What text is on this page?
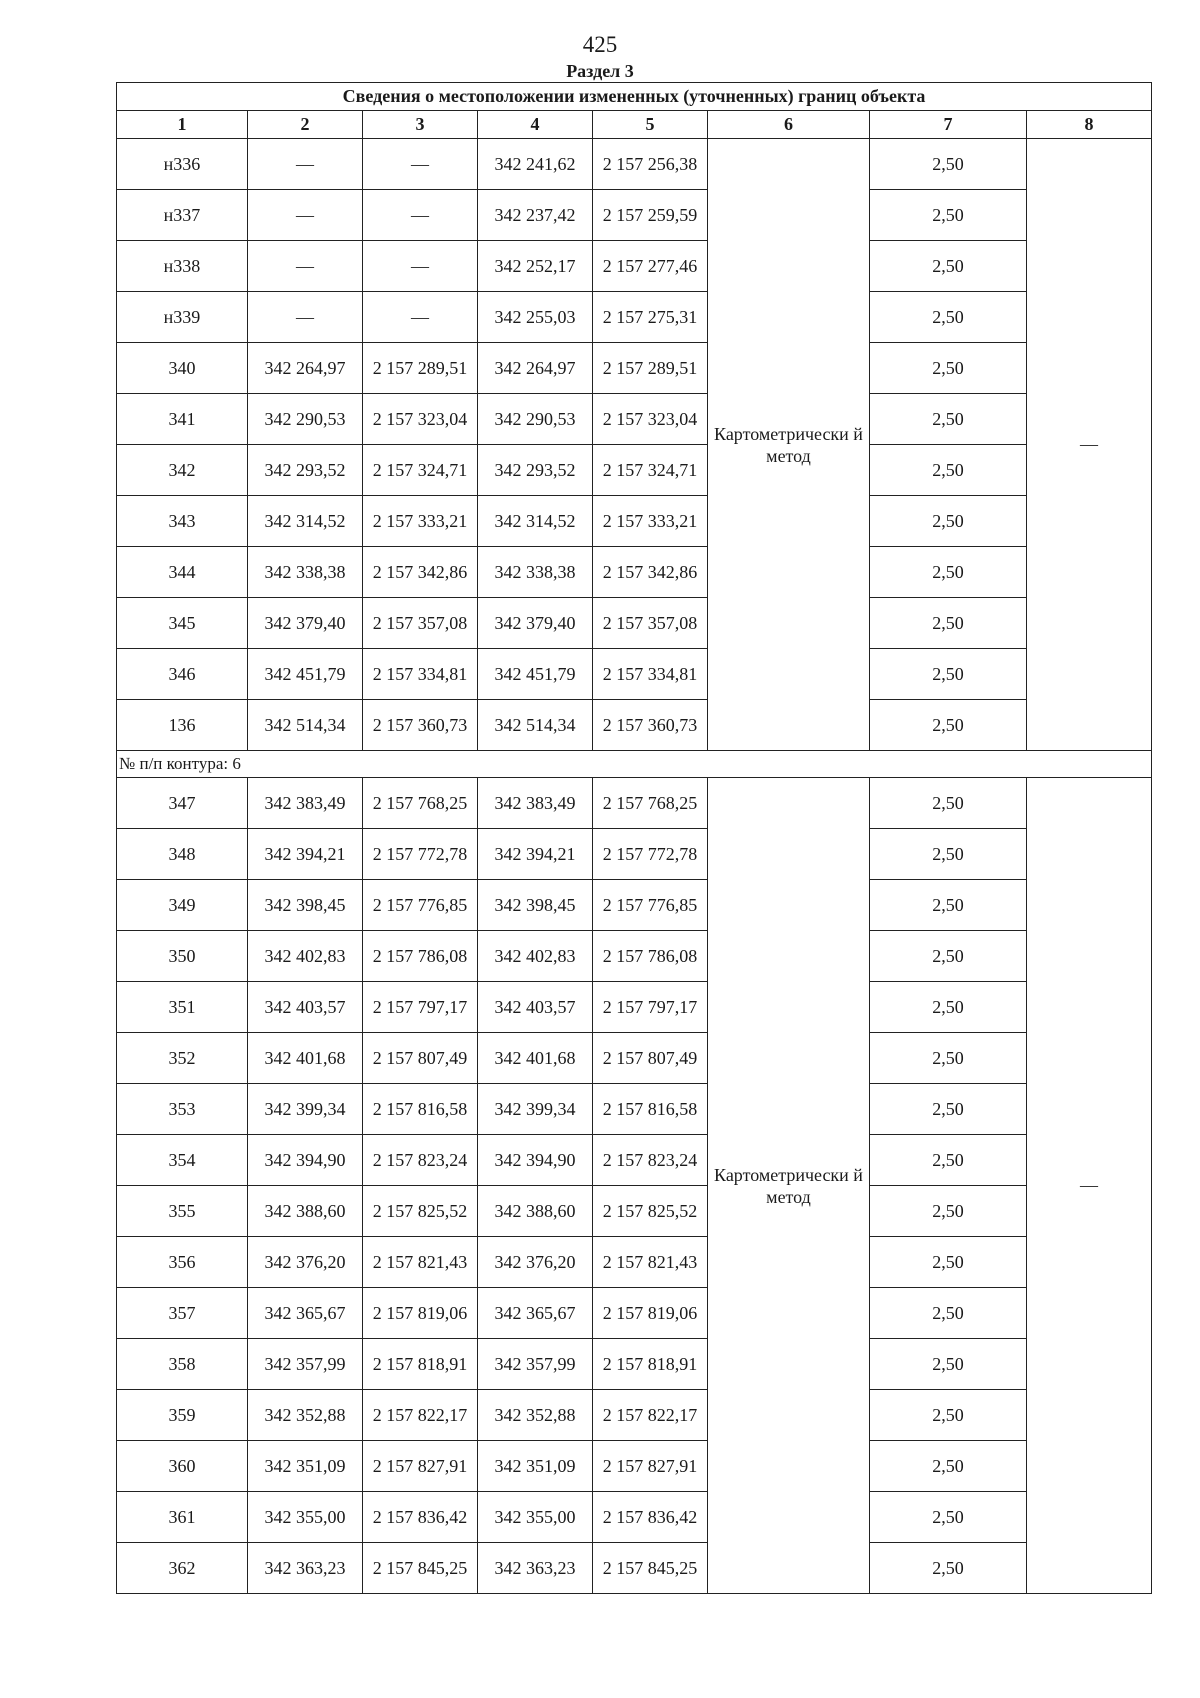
425
Раздел 3
Сведения о местоположении измененных (уточненных) границ объекта							
1	2	3	4	5	6	7	8
н336	—	—	342 241,62	2 157 256,38	Картометрически й метод	2,50	—
н337	—	—	342 237,42	2 157 259,59		2,50	
н338	—	—	342 252,17	2 157 277,46		2,50	
н339	—	—	342 255,03	2 157 275,31		2,50	
340	342 264,97	2 157 289,51	342 264,97	2 157 289,51		2,50	
341	342 290,53	2 157 323,04	342 290,53	2 157 323,04		2,50	
342	342 293,52	2 157 324,71	342 293,52	2 157 324,71		2,50	
343	342 314,52	2 157 333,21	342 314,52	2 157 333,21		2,50	
344	342 338,38	2 157 342,86	342 338,38	2 157 342,86		2,50	
345	342 379,40	2 157 357,08	342 379,40	2 157 357,08		2,50	
346	342 451,79	2 157 334,81	342 451,79	2 157 334,81		2,50	
136	342 514,34	2 157 360,73	342 514,34	2 157 360,73		2,50	
№ п/п контура: 6							
347	342 383,49	2 157 768,25	342 383,49	2 157 768,25	Картометрически й метод	2,50	—
348	342 394,21	2 157 772,78	342 394,21	2 157 772,78		2,50	
349	342 398,45	2 157 776,85	342 398,45	2 157 776,85		2,50	
350	342 402,83	2 157 786,08	342 402,83	2 157 786,08		2,50	
351	342 403,57	2 157 797,17	342 403,57	2 157 797,17		2,50	
352	342 401,68	2 157 807,49	342 401,68	2 157 807,49		2,50	
353	342 399,34	2 157 816,58	342 399,34	2 157 816,58		2,50	
354	342 394,90	2 157 823,24	342 394,90	2 157 823,24		2,50	
355	342 388,60	2 157 825,52	342 388,60	2 157 825,52		2,50	
356	342 376,20	2 157 821,43	342 376,20	2 157 821,43		2,50	
357	342 365,67	2 157 819,06	342 365,67	2 157 819,06		2,50	
358	342 357,99	2 157 818,91	342 357,99	2 157 818,91		2,50	
359	342 352,88	2 157 822,17	342 352,88	2 157 822,17		2,50	
360	342 351,09	2 157 827,91	342 351,09	2 157 827,91		2,50	
361	342 355,00	2 157 836,42	342 355,00	2 157 836,42		2,50	
362	342 363,23	2 157 845,25	342 363,23	2 157 845,25		2,50	
